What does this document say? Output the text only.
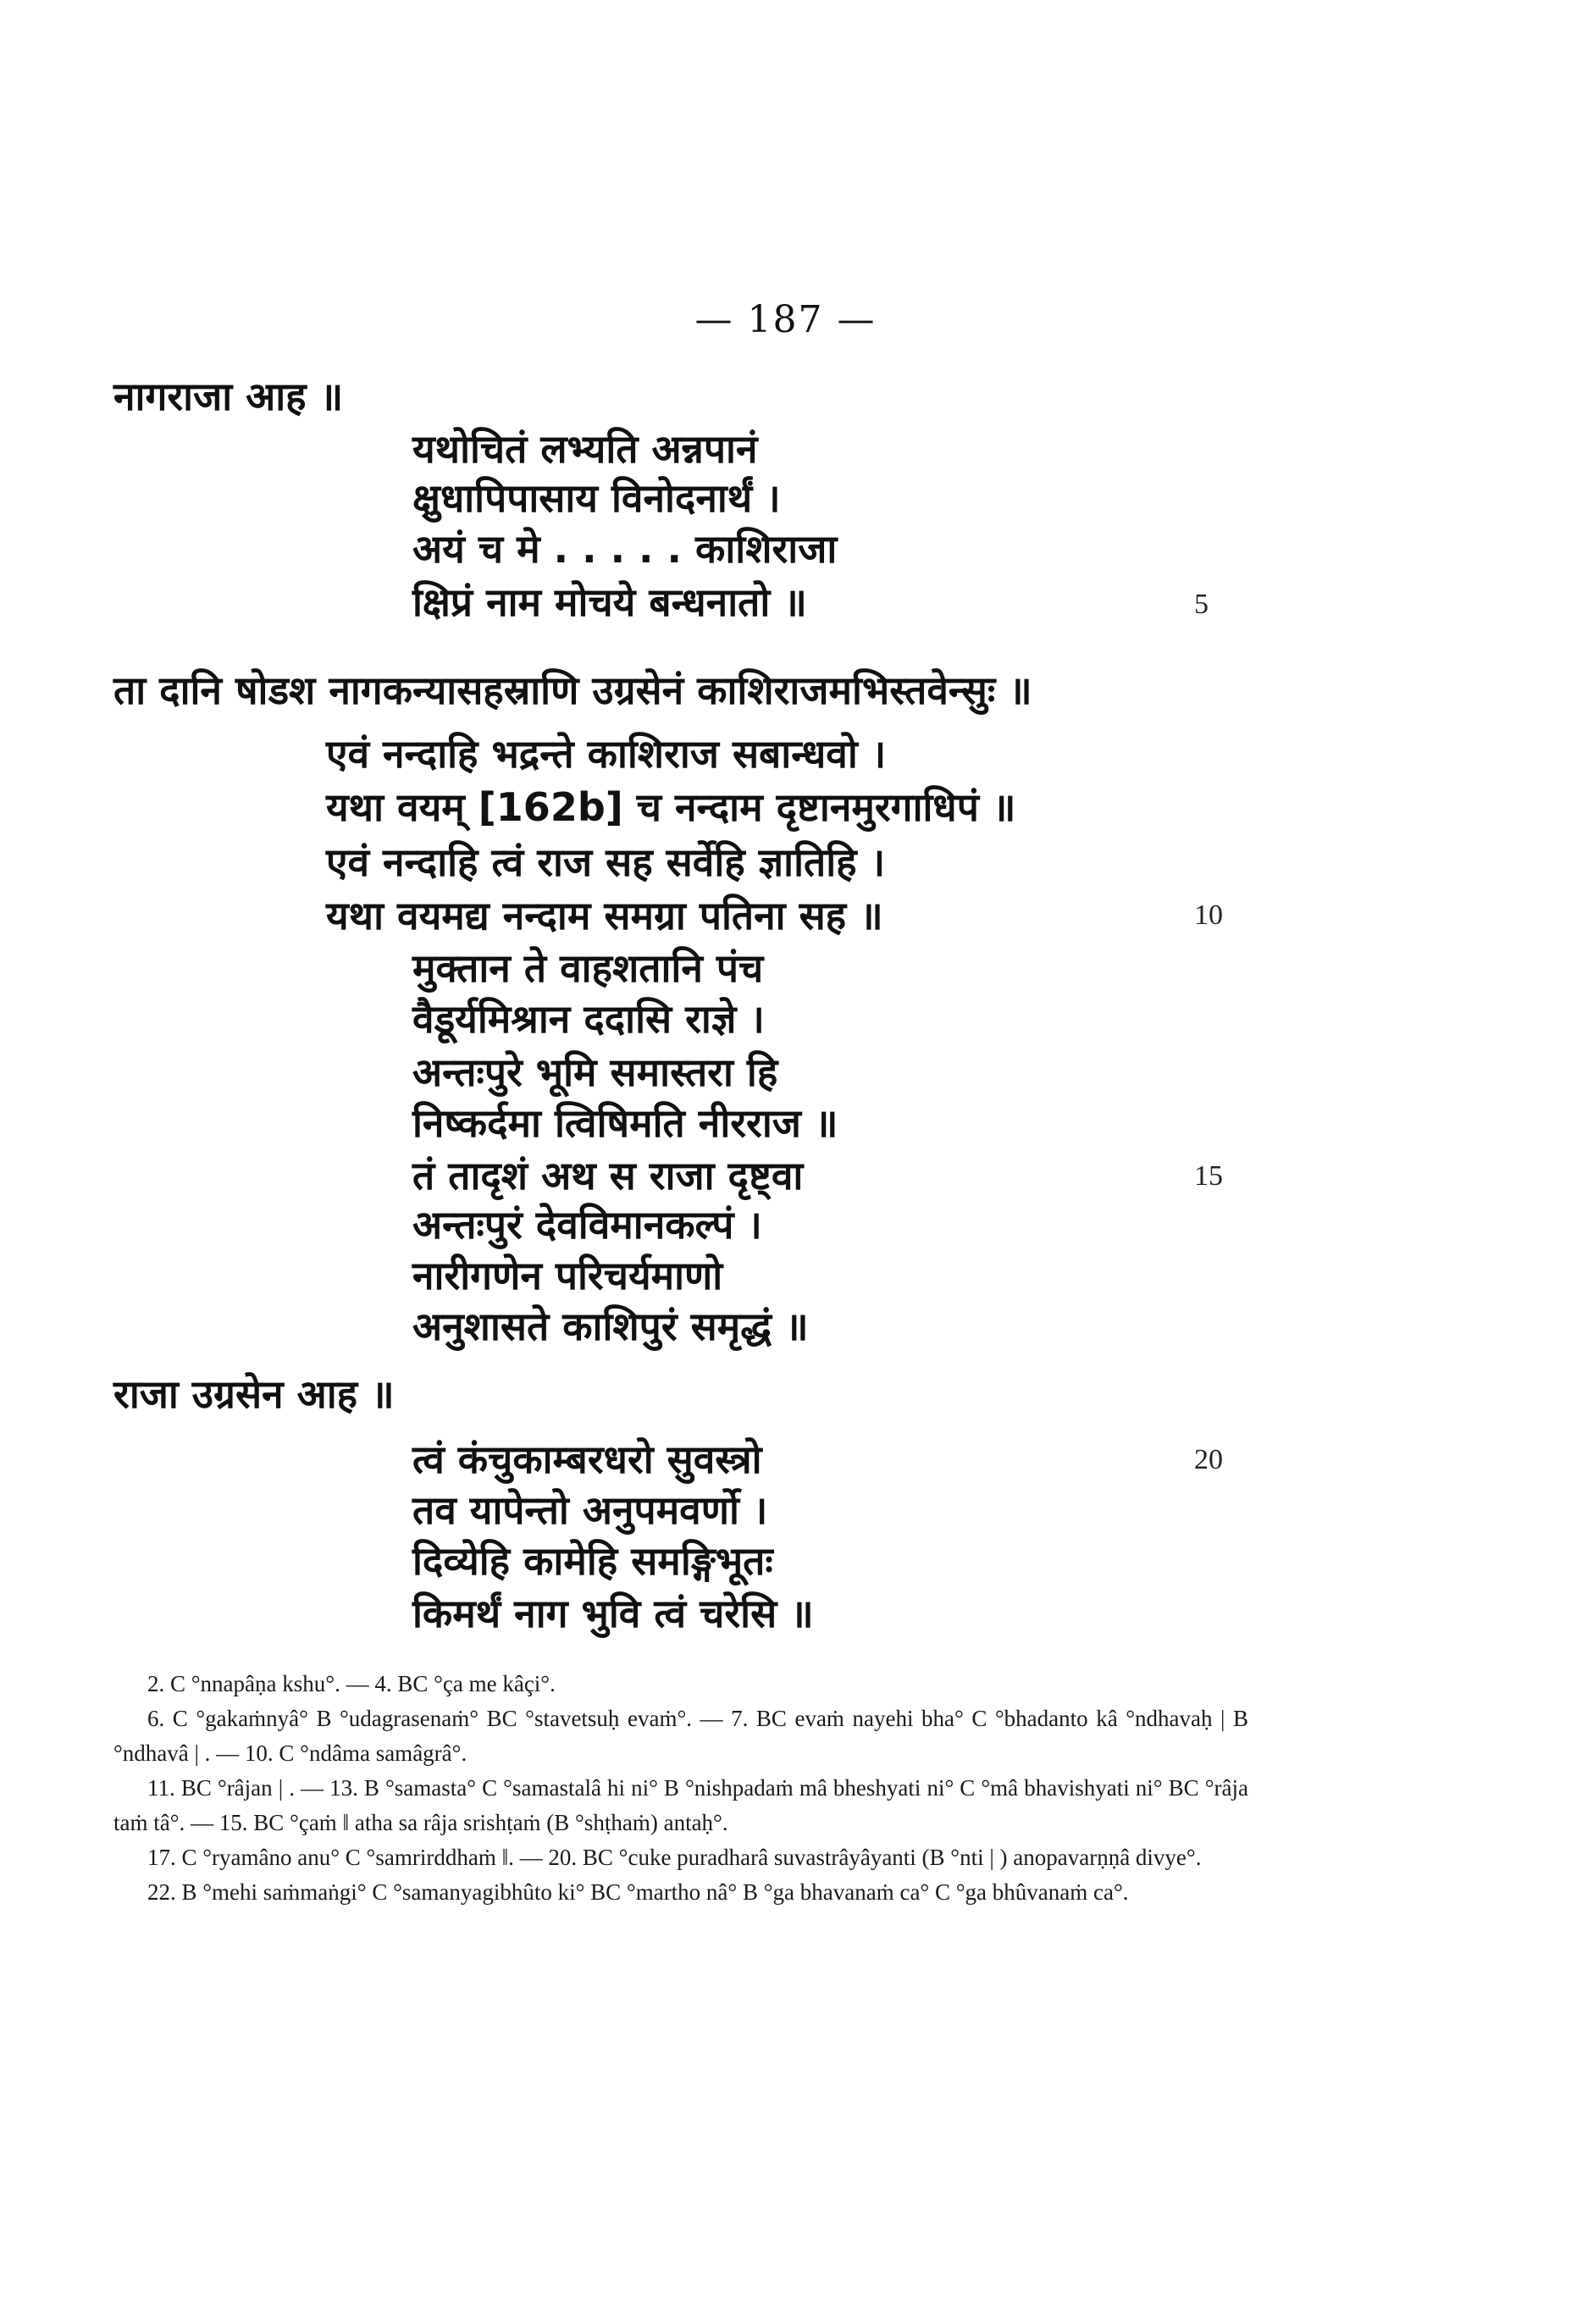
— 187 —
नागराजा आह ॥
यथोचितं लभ्यति अन्नपानं
क्षुधापिपासाय विनोदनार्थं ।
अयं च मे . . . . . काशिराजा
क्षिप्रं नाम मोचये बन्धनातो ॥	5
ता दानि षोडश नागकन्यासहस्राणि उग्रसेनं काशिराजमभिस्तवेन्सुः ॥
एवं नन्दाहि भद्रन्ते काशिराज सबान्धवो ।
यथा वयम् [162b] च नन्दाम दृष्टानमुरगाधिपं ॥
एवं नन्दाहि त्वं राज सह सर्वेहि ज्ञातिहि ।
यथा वयमद्य नन्दाम समग्रा पतिना सह ॥	10
मुक्तान ते वाहशतानि पंच
वैडूर्यमिश्रान ददासि राज्ञे ।
अन्तःपुरे भूमि समास्तरा हि
निष्कर्दमा त्विषिमति नीरराज ॥
तं तादृशं अथ स राजा दृष्ट्वा	15
अन्तःपुरं देवविमानकल्पं ।
नारीगणेन परिचर्यमाणो
अनुशासते काशिपुरं समृद्धं ॥
राजा उग्रसेन आह ॥
त्वं कंचुकाम्बरधरो सुवस्त्रो	20
तव यापेन्तो अनुपमवर्णो ।
दिव्येहि कामेहि समङ्गिभूतः
किमर्थं नाग भुवि त्वं चरेसि ॥

2. C °nnapâṇa kshu°. — 4. BC °ça me kâçi°.

6. C °gakaṁnyâ° B °udagrasenaṁ° BC °stavetsuḥ evaṁ°. — 7. BC evaṁ nayehi bha° C °bhadanto kâ °ndhavaḥ | B °ndhavâ | . — 10. C °ndâma samâgrâ°.

11. BC °râjan | . — 13. B °samasta° C °samastalâ hi ni° B °nishpadaṁ mâ bheshyati ni° C °mâ bhavishyati ni° BC °râja taṁ tâ°. — 15. BC °çaṁ ‖ atha sa râja srishṭaṁ (B °shṭhaṁ) antaḥ°.

17. C °ryamâno anu° C °samrirddhaṁ ‖. — 20. BC °cuke puradharâ suvastrâyâyanti (B °nti | ) anopavarṇṇâ divye°.

22. B °mehi saṁmaṅgi° C °samanyagibhûto ki° BC °martho nâ° B °ga bhavanaṁ ca° C °ga bhûvanaṁ ca°.
